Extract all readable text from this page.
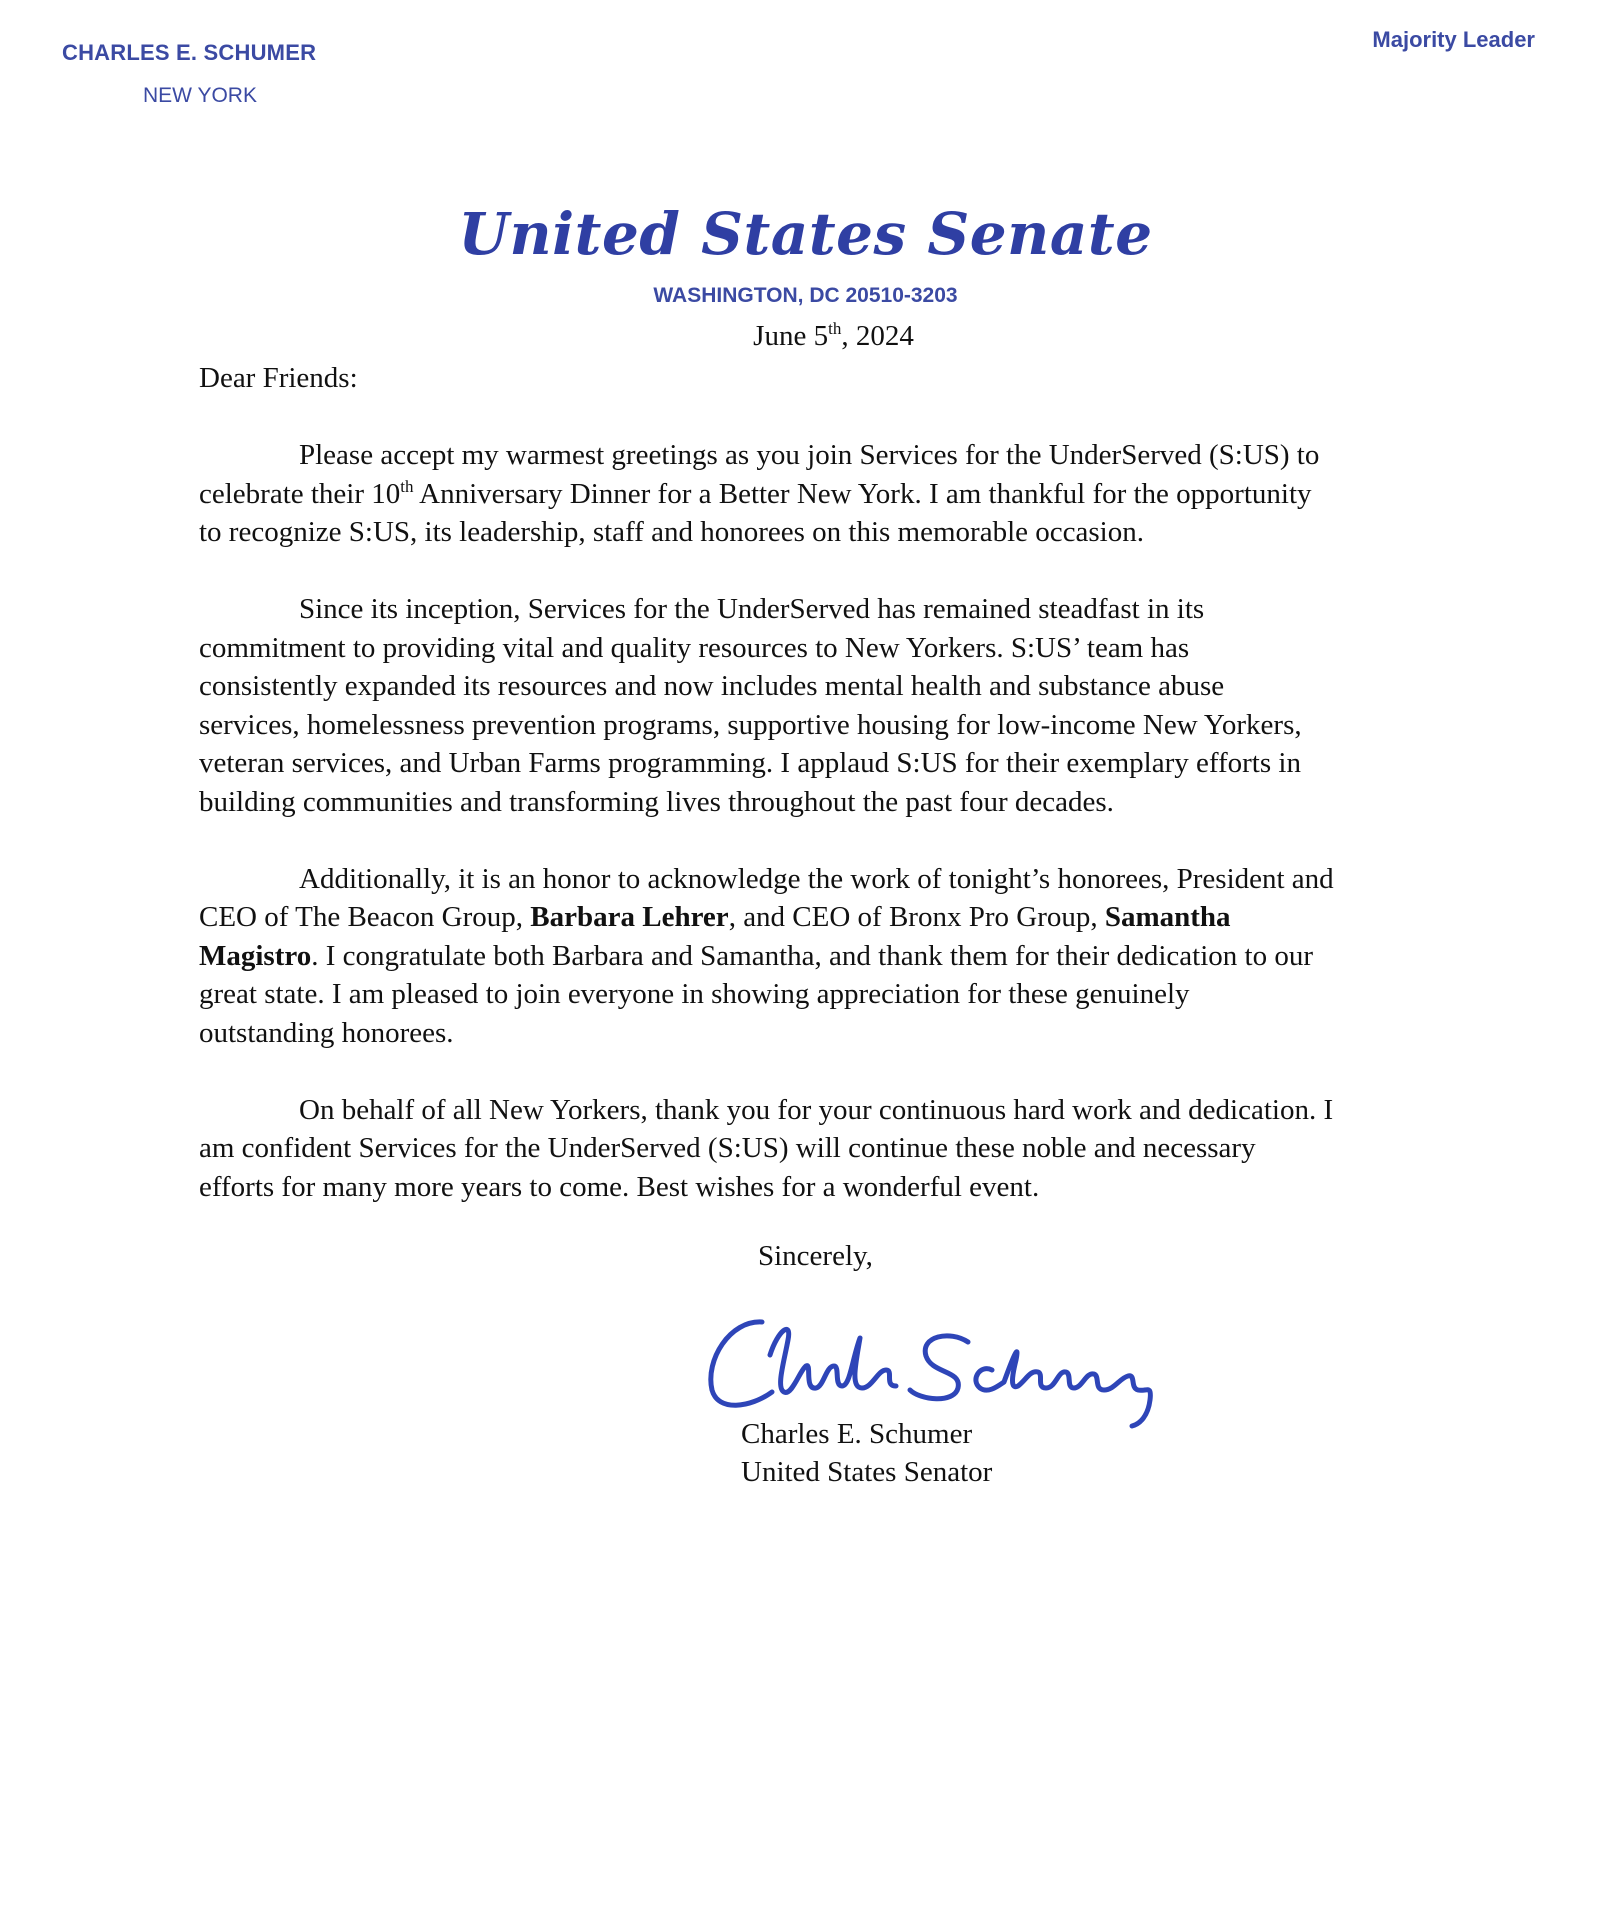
CHARLES E. SCHUMER
NEW YORK
Majority Leader
United States Senate
WASHINGTON, DC 20510-3203
June 5th, 2024
Dear Friends:

Please accept my warmest greetings as you join Services for the UnderServed (S:US) to
celebrate their 10th Anniversary Dinner for a Better New York. I am thankful for the opportunity
to recognize S:US, its leadership, staff and honorees on this memorable occasion.

Since its inception, Services for the UnderServed has remained steadfast in its
commitment to providing vital and quality resources to New Yorkers. S:US’ team has
consistently expanded its resources and now includes mental health and substance abuse
services, homelessness prevention programs, supportive housing for low-income New Yorkers,
veteran services, and Urban Farms programming. I applaud S:US for their exemplary efforts in
building communities and transforming lives throughout the past four decades.

Additionally, it is an honor to acknowledge the work of tonight’s honorees, President and
CEO of The Beacon Group, Barbara Lehrer, and CEO of Bronx Pro Group, Samantha
Magistro. I congratulate both Barbara and Samantha, and thank them for their dedication to our
great state. I am pleased to join everyone in showing appreciation for these genuinely
outstanding honorees.

On behalf of all New Yorkers, thank you for your continuous hard work and dedication. I
am confident Services for the UnderServed (S:US) will continue these noble and necessary
efforts for many more years to come. Best wishes for a wonderful event.

Sincerely,
Charles E. Schumer
United States Senator
